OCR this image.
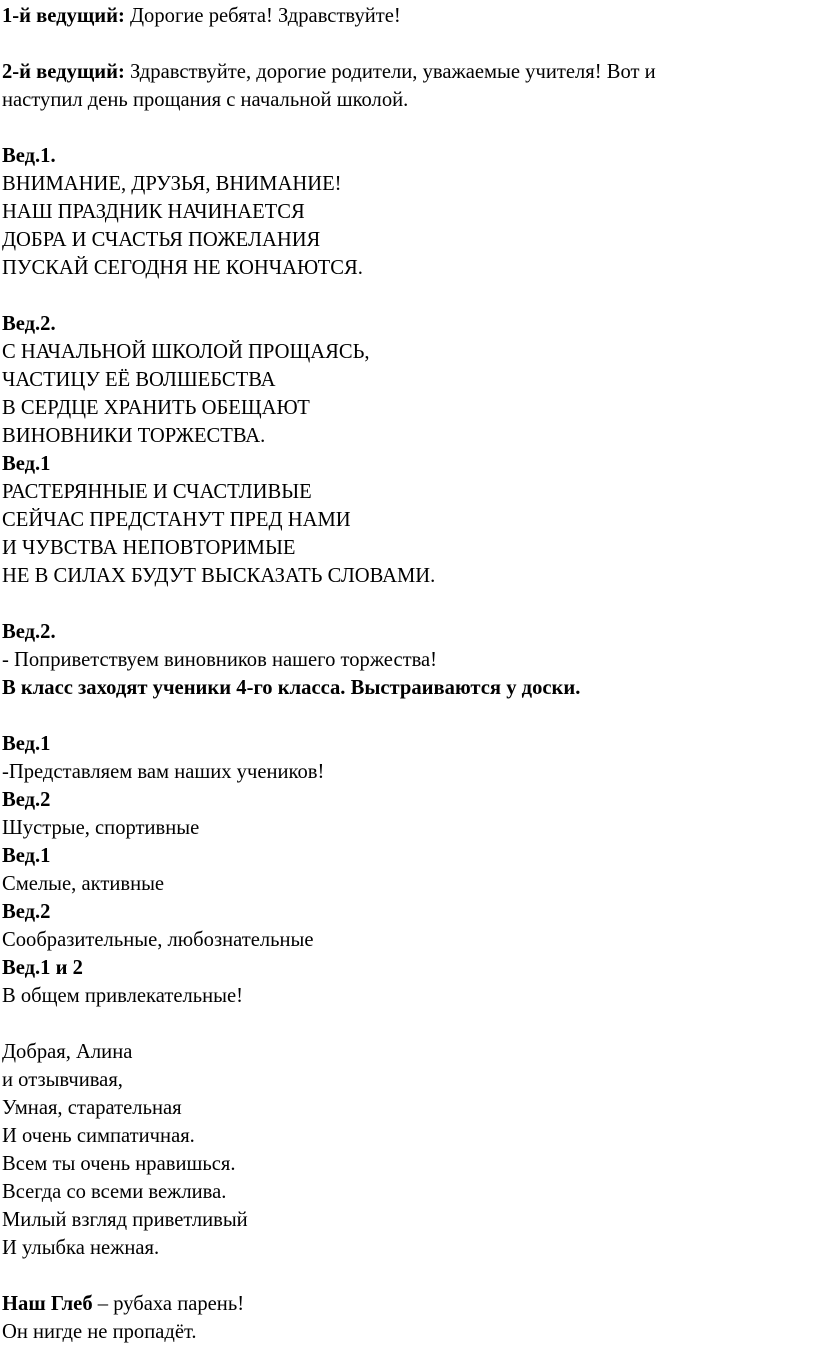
1-й ведущий: Дорогие ребята! Здравствуйте!
2-й ведущий: Здравствуйте, дорогие родители, уважаемые учителя! Вот и
наступил день прощания с начальной школой.
Вед.1.
ВНИМАНИЕ, ДРУЗЬЯ, ВНИМАНИЕ!
НАШ ПРАЗДНИК НАЧИНАЕТСЯ
ДОБРА И СЧАСТЬЯ ПОЖЕЛАНИЯ
ПУСКАЙ СЕГОДНЯ НЕ КОНЧАЮТСЯ.
Вед.2.
С НАЧАЛЬНОЙ ШКОЛОЙ ПРОЩАЯСЬ,
ЧАСТИЦУ ЕЁ ВОЛШЕБСТВА
В СЕРДЦЕ ХРАНИТЬ ОБЕЩАЮТ
ВИНОВНИКИ ТОРЖЕСТВА.
Вед.1
РАСТЕРЯННЫЕ И СЧАСТЛИВЫЕ
СЕЙЧАС ПРЕДСТАНУТ ПРЕД НАМИ
И ЧУВСТВА НЕПОВТОРИМЫЕ
НЕ В СИЛАХ БУДУТ ВЫСКАЗАТЬ СЛОВАМИ.
Вед.2.
- Поприветствуем виновников нашего торжества!
В класс заходят ученики 4-го класса. Выстраиваются у доски.
Вед.1
-Представляем вам наших учеников!
Вед.2
Шустрые, спортивные
Вед.1
Смелые, активные
Вед.2
Сообразительные, любознательные
Вед.1 и 2
В общем привлекательные!
Добрая, Алина
и отзывчивая,
Умная, старательная
И очень симпатичная.
Всем ты очень нравишься.
Всегда со всеми вежлива.
Милый взгляд приветливый
И улыбка нежная.
Наш Глеб – рубаха парень!
Он нигде не пропадёт.
